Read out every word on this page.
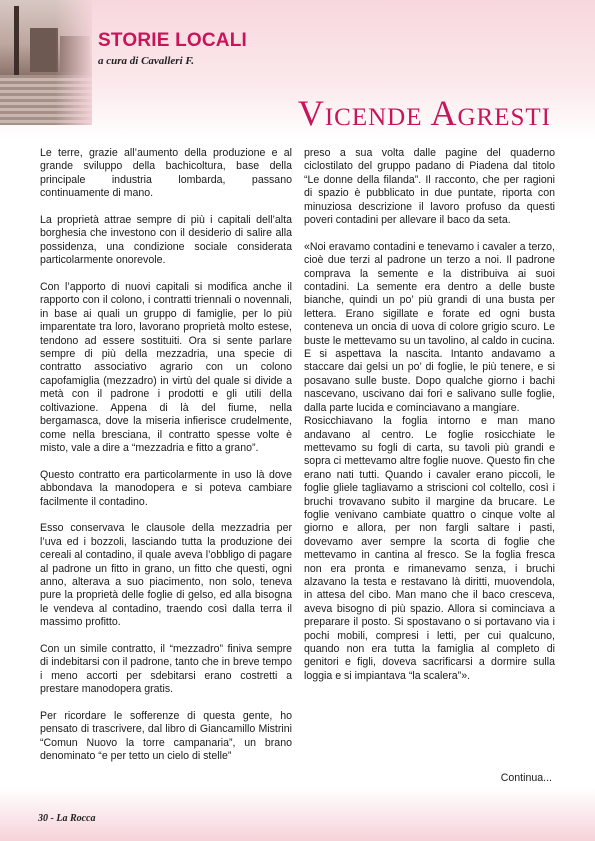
STORIE LOCALI
a cura di Cavalleri F.
Vicende Agresti

Le terre, grazie all’aumento della produzione e al grande sviluppo della bachicoltura, base della principale industria lombarda, passano continuamente di mano.

La proprietà attrae sempre di più i capitali dell’alta borghesia che investono con il desiderio di salire alla possidenza, una condizione sociale considerata particolarmente onorevole.

Con l’apporto di nuovi capitali si modifica anche il rapporto con il colono, i contratti triennali o novennali, in base ai quali un gruppo di famiglie, per lo più imparentate tra loro, lavorano proprietà molto estese, tendono ad essere sostituiti. Ora si sente parlare sempre di più della mezzadria, una specie di contratto associativo agrario con un colono capofamiglia (mezzadro) in virtù del quale si divide a metà con il padrone i prodotti e gli utili della coltivazione. Appena di là del fiume, nella bergamasca, dove la miseria infierisce crudelmente, come nella bresciana, il contratto spesse volte è misto, vale a dire a “mezzadria e fitto a grano”.

Questo contratto era particolarmente in uso là dove abbondava la manodopera e si poteva cambiare facilmente il contadino.

Esso conservava le clausole della mezzadria per l’uva ed i bozzoli, lasciando tutta la produzione dei cereali al contadino, il quale aveva l’obbligo di pagare al padrone un fitto in grano, un fitto che questi, ogni anno, alterava a suo piacimento, non solo, teneva pure la proprietà delle foglie di gelso, ed alla bisogna le vendeva al contadino, traendo così dalla terra il massimo profitto.

Con un simile contratto, il “mezzadro” finiva sempre di indebitarsi con il padrone, tanto che in breve tempo i meno accorti per sdebitarsi erano costretti a prestare manodopera gratis.

Per ricordare le sofferenze di questa gente, ho pensato di trascrivere, dal libro di Giancamillo Mistrini “Comun Nuovo la torre campanaria”, un brano denominato “e per tetto un cielo di stelle”

preso a sua volta dalle pagine del quaderno ciclostilato del gruppo padano di Piadena dal titolo “Le donne della filanda”. Il racconto, che per ragioni di spazio è pubblicato in due puntate, riporta con minuziosa descrizione il lavoro profuso da questi poveri contadini per allevare il baco da seta.

«Noi eravamo contadini e tenevamo i cavaler a terzo, cioè due terzi al padrone un terzo a noi. Il padrone comprava la semente e la distribuiva ai suoi contadini. La semente era dentro a delle buste bianche, quindi un po’ più grandi di una busta per lettera. Erano sigillate e forate ed ogni busta conteneva un oncia di uova di colore grigio scuro. Le buste le mettevamo su un tavolino, al caldo in cucina. E si aspettava la nascita. Intanto andavamo a staccare dai gelsi un po’ di foglie, le più tenere, e si posavano sulle buste. Dopo qualche giorno i bachi nascevano, uscivano dai fori e salivano sulle foglie, dalla parte lucida e cominciavano a mangiare.

Rosicchiavano la foglia intorno e man mano andavano al centro. Le foglie rosicchiate le mettevamo su fogli di carta, su tavoli più grandi e sopra ci mettevamo altre foglie nuove. Questo fin che erano nati tutti. Quando i cavaler erano piccoli, le foglie gliele tagliavamo a striscioni col coltello, così i bruchi trovavano subito il margine da brucare. Le foglie venivano cambiate quattro o cinque volte al giorno e allora, per non fargli saltare i pasti, dovevamo aver sempre la scorta di foglie che mettevamo in cantina al fresco. Se la foglia fresca non era pronta e rimanevamo senza, i bruchi alzavano la testa e restavano là diritti, muovendola, in attesa del cibo. Man mano che il baco cresceva, aveva bisogno di più spazio. Allora si cominciava a preparare il posto. Si spostavano o si portavano via i pochi mobili, compresi i letti, per cui qualcuno, quando non era tutta la famiglia al completo di genitori e figli, doveva sacrificarsi a dormire sulla loggia e si impiantava “la scalera”».

Continua...
30 - La Rocca
